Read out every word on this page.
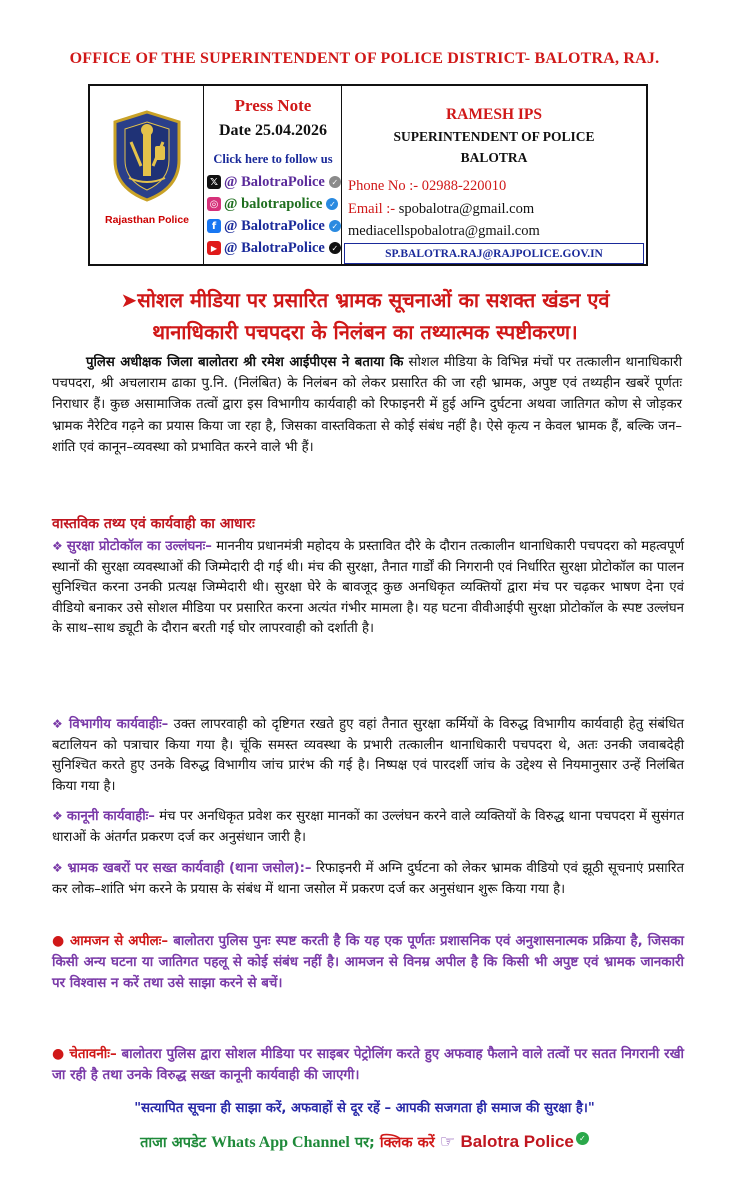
OFFICE OF THE SUPERINTENDENT OF POLICE DISTRICT- BALOTRA, RAJ.
Rajasthan Police
Press Note
Date 25.04.2026
Click here to follow us
𝕏 @ BalotraPolice ✓
◎ @ balotrapolice ✓
f @ BalotraPolice ✓
▶ @ BalotraPolice ✓
RAMESH IPS
SUPERINTENDENT OF POLICE
BALOTRA
Phone No :- 02988-220010
Email :- spobalotra@gmail.com
mediacellspobalotra@gmail.com
SP.BALOTRA.RAJ@RAJPOLICE.GOV.IN
➤सोशल मीडिया पर प्रसारित भ्रामक सूचनाओं का सशक्त खंडन एवं
थानाधिकारी पचपदरा के निलंबन का तथ्यात्मक स्पष्टीकरण।
पुलिस अधीक्षक जिला बालोतरा श्री रमेश आईपीएस ने बताया कि सोशल मीडिया के विभिन्न मंचों पर तत्कालीन थानाधिकारी पचपदरा, श्री अचलाराम ढाका पु.नि. (निलंबित) के निलंबन को लेकर प्रसारित की जा रही भ्रामक, अपुष्ट एवं तथ्यहीन खबरें पूर्णतः निराधार हैं। कुछ असामाजिक तत्वों द्वारा इस विभागीय कार्यवाही को रिफाइनरी में हुई अग्नि दुर्घटना अथवा जातिगत कोण से जोड़कर भ्रामक नैरेटिव गढ़ने का प्रयास किया जा रहा है, जिसका वास्तविकता से कोई संबंध नहीं है। ऐसे कृत्य न केवल भ्रामक हैं, बल्कि जन–शांति एवं कानून–व्यवस्था को प्रभावित करने वाले भी हैं।
वास्तविक तथ्य एवं कार्यवाही का आधारः
❖ सुरक्षा प्रोटोकॉल का उल्लंघनः– माननीय प्रधानमंत्री महोदय के प्रस्तावित दौरे के दौरान तत्कालीन थानाधिकारी पचपदरा को महत्वपूर्ण स्थानों की सुरक्षा व्यवस्थाओं की जिम्मेदारी दी गई थी। मंच की सुरक्षा, तैनात गार्डों की निगरानी एवं निर्धारित सुरक्षा प्रोटोकॉल का पालन सुनिश्चित करना उनकी प्रत्यक्ष जिम्मेदारी थी। सुरक्षा घेरे के बावजूद कुछ अनधिकृत व्यक्तियों द्वारा मंच पर चढ़कर भाषण देना एवं वीडियो बनाकर उसे सोशल मीडिया पर प्रसारित करना अत्यंत गंभीर मामला है। यह घटना वीवीआईपी सुरक्षा प्रोटोकॉल के स्पष्ट उल्लंघन के साथ–साथ ड्यूटी के दौरान बरती गई घोर लापरवाही को दर्शाती है।
❖ विभागीय कार्यवाहीः– उक्त लापरवाही को दृष्टिगत रखते हुए वहां तैनात सुरक्षा कर्मियों के विरुद्ध विभागीय कार्यवाही हेतु संबंधित बटालियन को पत्राचार किया गया है। चूंकि समस्त व्यवस्था के प्रभारी तत्कालीन थानाधिकारी पचपदरा थे, अतः उनकी जवाबदेही सुनिश्चित करते हुए उनके विरुद्ध विभागीय जांच प्रारंभ की गई है। निष्पक्ष एवं पारदर्शी जांच के उद्देश्य से नियमानुसार उन्हें निलंबित किया गया है।
❖ कानूनी कार्यवाहीः– मंच पर अनधिकृत प्रवेश कर सुरक्षा मानकों का उल्लंघन करने वाले व्यक्तियों के विरुद्ध थाना पचपदरा में सुसंगत धाराओं के अंतर्गत प्रकरण दर्ज कर अनुसंधान जारी है।
❖ भ्रामक खबरों पर सख्त कार्यवाही (थाना जसोल):– रिफाइनरी में अग्नि दुर्घटना को लेकर भ्रामक वीडियो एवं झूठी सूचनाएं प्रसारित कर लोक–शांति भंग करने के प्रयास के संबंध में थाना जसोल में प्रकरण दर्ज कर अनुसंधान शुरू किया गया है।
● आमजन से अपीलः– बालोतरा पुलिस पुनः स्पष्ट करती है कि यह एक पूर्णतः प्रशासनिक एवं अनुशासनात्मक प्रक्रिया है, जिसका किसी अन्य घटना या जातिगत पहलू से कोई संबंध नहीं है। आमजन से विनम्र अपील है कि किसी भी अपुष्ट एवं भ्रामक जानकारी पर विश्वास न करें तथा उसे साझा करने से बचें।
● चेतावनीः– बालोतरा पुलिस द्वारा सोशल मीडिया पर साइबर पेट्रोलिंग करते हुए अफवाह फैलाने वाले तत्वों पर सतत निगरानी रखी जा रही है तथा उनके विरुद्ध सख्त कानूनी कार्यवाही की जाएगी।
"सत्यापित सूचना ही साझा करें, अफवाहों से दूर रहें – आपकी सजगता ही समाज की सुरक्षा है।"
ताजा अपडेट Whats App Channel पर; क्लिक करें ☞ Balotra Police ✓
